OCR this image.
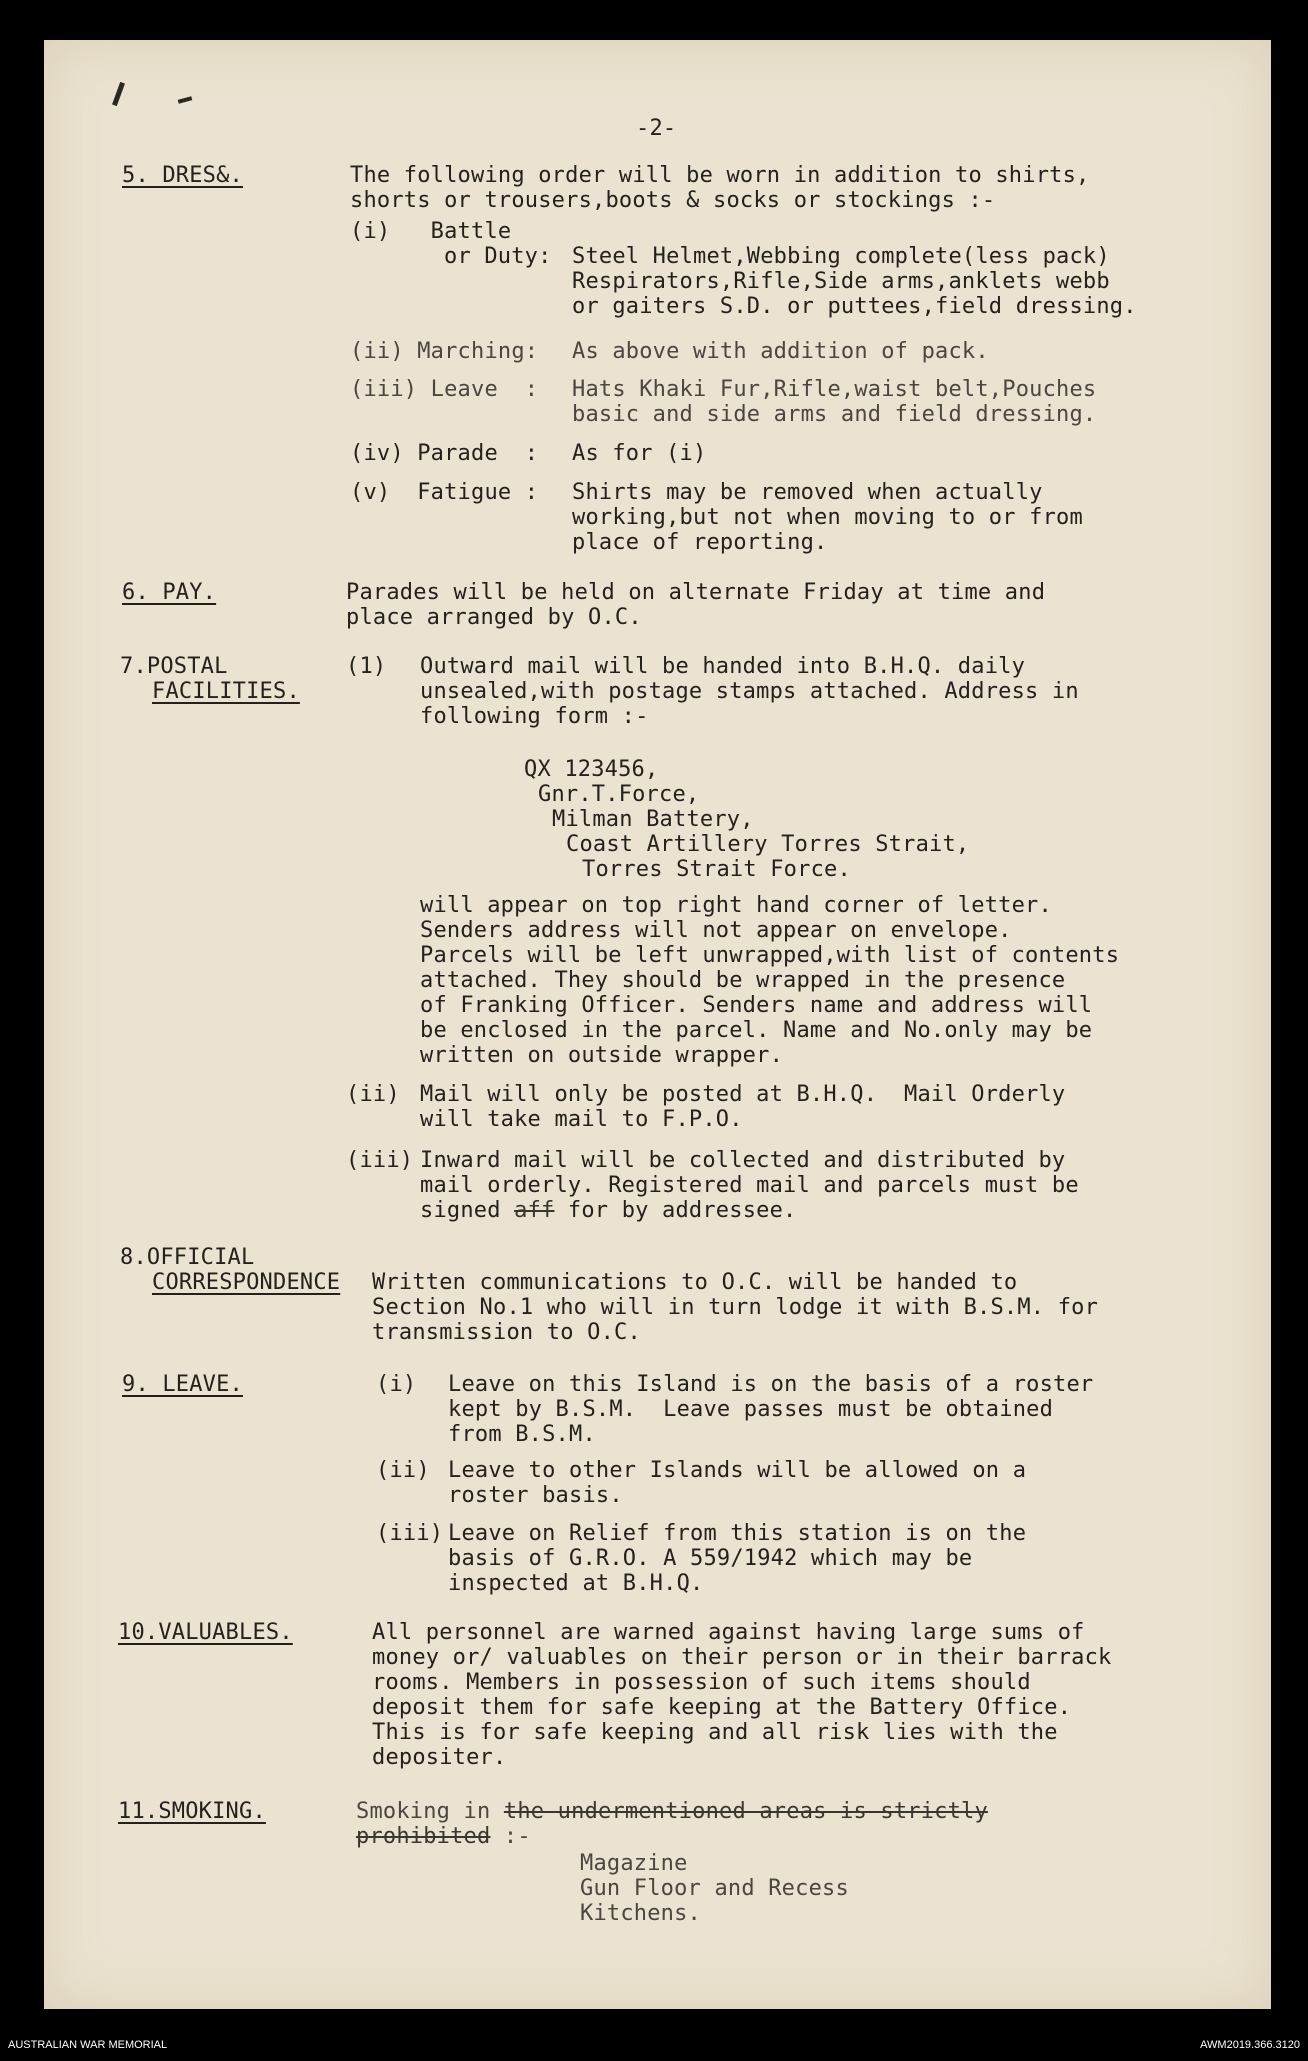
-2-
5. DRES&.	The following order will be worn in addition to shirts,
shorts or trousers,boots & socks or stockings :-
(i)   Battle
or Duty: Steel Helmet,Webbing complete(less pack)
Respirators,Rifle,Side arms,anklets webb
or gaiters S.D. or puttees,field dressing.
(ii) Marching: As above with addition of pack.
(iii) Leave  : Hats Khaki Fur,Rifle,waist belt,Pouches
basic and side arms and field dressing.
(iv) Parade  : As for (i)
(v)  Fatigue : Shirts may be removed when actually
working,but not when moving to or from
place of reporting.
6. PAY.	Parades will be held on alternate Friday at time and
place arranged by O.C.
7.POSTAL
FACILITIES.
(1) Outward mail will be handed into B.H.Q. daily
unsealed,with postage stamps attached. Address in
following form :-
QX 123456,
Gnr.T.Force,
Milman Battery,
Coast Artillery Torres Strait,
Torres Strait Force.
will appear on top right hand corner of letter.
Senders address will not appear on envelope.
Parcels will be left unwrapped,with list of contents
attached. They should be wrapped in the presence
of Franking Officer. Senders name and address will
be enclosed in the parcel. Name and No.only may be
written on outside wrapper.
(ii) Mail will only be posted at B.H.Q.  Mail Orderly
will take mail to F.P.O.
(iii) Inward mail will be collected and distributed by
mail orderly. Registered mail and parcels must be
signed aff for by addressee.
8.OFFICIAL
CORRESPONDENCE Written communications to O.C. will be handed to
Section No.1 who will in turn lodge it with B.S.M. for
transmission to O.C.
9. LEAVE.	(i) Leave on this Island is on the basis of a roster
kept by B.S.M.  Leave passes must be obtained
from B.S.M.
(ii) Leave to other Islands will be allowed on a
roster basis.
(iii) Leave on Relief from this station is on the
basis of G.R.O. A 559/1942 which may be
inspected at B.H.Q.
10.VALUABLES.	All personnel are warned against having large sums of
money or/ valuables on their person or in their barrack
rooms. Members in possession of such items should
deposit them for safe keeping at the Battery Office.
This is for safe keeping and all risk lies with the
depositer.
11.SMOKING.	Smoking in the undermentioned areas is strictly
prohibited :-
Magazine
Gun Floor and Recess
Kitchens.
AUSTRALIAN WAR MEMORIAL	AWM2019.366.3120
